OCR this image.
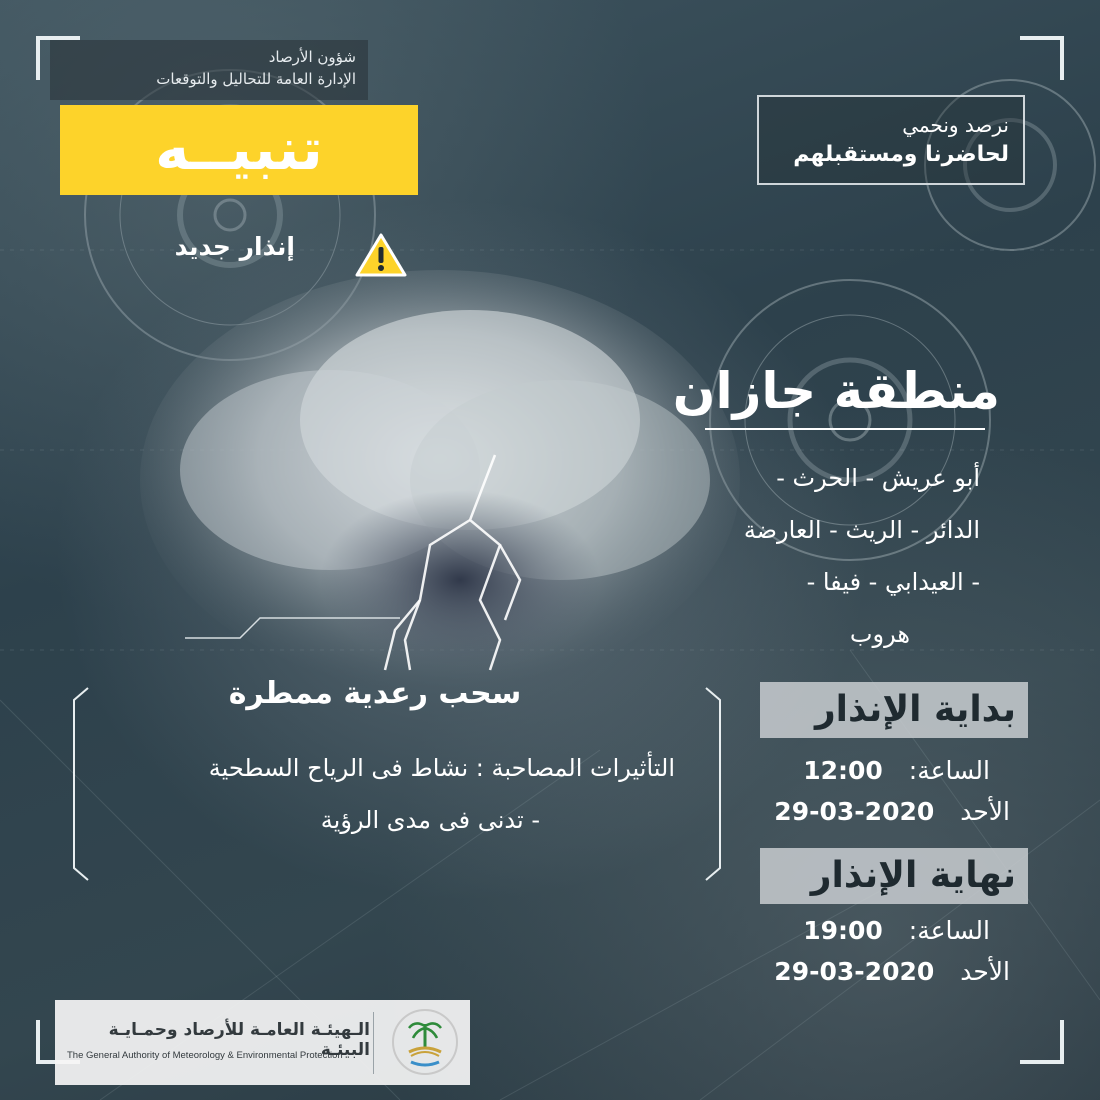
شؤون الأرصاد
الإدارة العامة للتحاليل والتوقعات
تنبيــه
إنذار جديد
نرصد ونحمي
لحاضرنا ومستقبلهم
منطقة جازان
أبو عريش - الحرث -
الدائر - الريث - العارضة
- العيدابي - فيفا -
هروب
سحب رعدية ممطرة
التأثيرات المصاحبة : نشاط فى الرياح السطحية
- تدنى فى مدى الرؤية
بداية الإنذار
الساعة: 12:00
الأحد 2020-03-29
نهاية الإنذار
الساعة: 19:00
الأحد 2020-03-29
الـهيئـة العامـة للأرصاد وحمـايـة البيئـة
The General Authority of Meteorology & Environmental Protection
